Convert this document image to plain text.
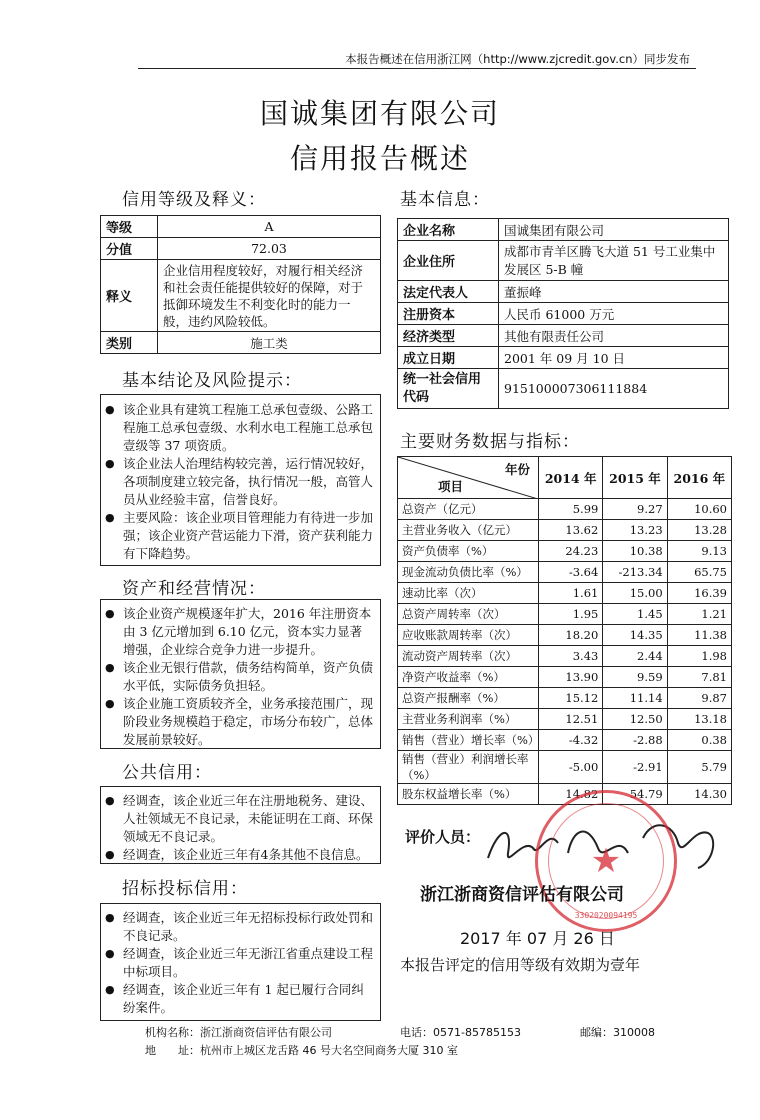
本报告概述在信用浙江网（http://www.zjcredit.gov.cn）同步发布
国诚集团有限公司
信用报告概述
信用等级及释义：
等级	A
分值	72.03
释义	企业信用程度较好，对履行相关经济和社会责任能提供较好的保障，对于抵御环境发生不利变化时的能力一般，违约风险较低。
类别	施工类
基本信息：
企业名称	国诚集团有限公司
企业住所	成都市青羊区腾飞大道 51 号工业集中发展区 5-B 幢
法定代表人	董振峰
注册资本	人民币 61000 万元
经济类型	其他有限责任公司
成立日期	2001 年 09 月 10 日
统一社会信用代码	915100007306111884
基本结论及风险提示：
● 该企业具有建筑工程施工总承包壹级、公路工程施工总承包壹级、水利水电工程施工总承包壹级等 37 项资质。
● 该企业法人治理结构较完善，运行情况较好，各项制度建立较完备，执行情况一般，高管人员从业经验丰富，信誉良好。
● 主要风险：该企业项目管理能力有待进一步加强；该企业资产营运能力下滑，资产获利能力有下降趋势。
资产和经营情况：
● 该企业资产规模逐年扩大，2016 年注册资本由 3 亿元增加到 6.10 亿元，资本实力显著增强，企业综合竞争力进一步提升。
● 该企业无银行借款，债务结构简单，资产负债水平低，实际债务负担轻。
● 该企业施工资质较齐全，业务承接范围广，现阶段业务规模趋于稳定，市场分布较广，总体发展前景较好。
公共信用：
● 经调查，该企业近三年在注册地税务、建设、人社领域无不良记录，未能证明在工商、环保领域无不良记录。
● 经调查，该企业近三年有4条其他不良信息。
招标投标信用：
● 经调查，该企业近三年无招标投标行政处罚和不良记录。
● 经调查，该企业近三年无浙江省重点建设工程中标项目。
● 经调查，该企业近三年有 1 起已履行合同纠纷案件。
主要财务数据与指标：
年份
项目	2014 年	2015 年	2016 年
总资产（亿元）	5.99	9.27	10.60
主营业务收入（亿元）	13.62	13.23	13.28
资产负债率（%）	24.23	10.38	9.13
现金流动负债比率（%）	-3.64	-213.34	65.75
速动比率（次）	1.61	15.00	16.39
总资产周转率（次）	1.95	1.45	1.21
应收账款周转率（次）	18.20	14.35	11.38
流动资产周转率（次）	3.43	2.44	1.98
净资产收益率（%）	13.90	9.59	7.81
总资产报酬率（%）	15.12	11.14	9.87
主营业务利润率（%）	12.51	12.50	13.18
销售（营业）增长率（%）	-4.32	-2.88	0.38
销售（营业）利润增长率（%）	-5.00	-2.91	5.79
股东权益增长率（%）	14.82	54.79	14.30
评价人员：
★
3302020094195
浙江浙商资信评估有限公司
2017 年 07 月 26 日
本报告评定的信用等级有效期为壹年
机构名称：浙江浙商资信评估有限公司	电话：0571-85785153	邮编：310008
地　　址：杭州市上城区龙舌路 46 号大名空间商务大厦 310 室
